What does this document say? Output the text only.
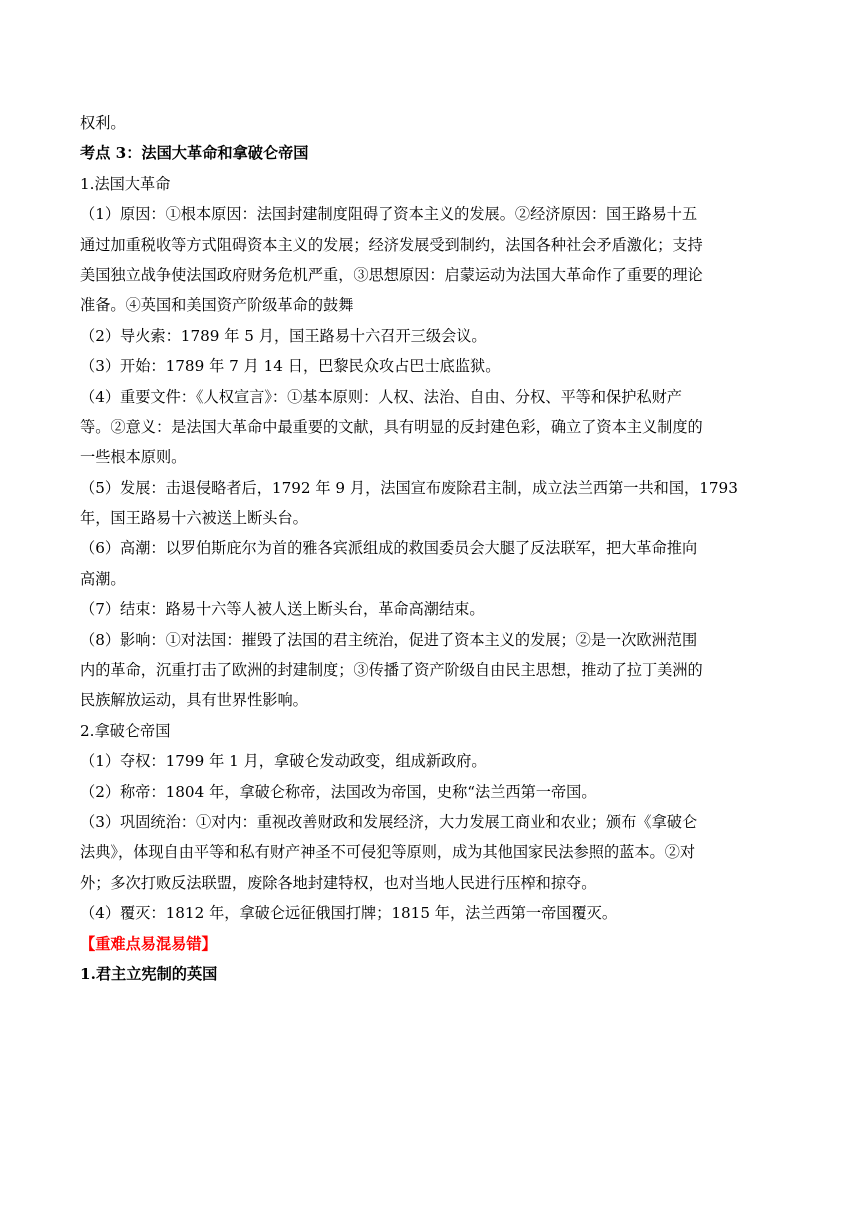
权利。
考点 3：法国大革命和拿破仑帝国
1.法国大革命
（1）原因：①根本原因：法国封建制度阻碍了资本主义的发展。②经济原因：国王路易十五
通过加重税收等方式阻碍资本主义的发展；经济发展受到制约，法国各种社会矛盾激化；支持
美国独立战争使法国政府财务危机严重，③思想原因：启蒙运动为法国大革命作了重要的理论
准备。④英国和美国资产阶级革命的鼓舞
（2）导火索：1789 年 5 月，国王路易十六召开三级会议。
（3）开始：1789 年 7 月 14 日，巴黎民众攻占巴士底监狱。
（4）重要文件：《人权宣言》：①基本原则：人权、法治、自由、分权、平等和保护私财产
等。②意义：是法国大革命中最重要的文献，具有明显的反封建色彩，确立了资本主义制度的
一些根本原则。
（5）发展：击退侵略者后，1792 年 9 月，法国宣布废除君主制，成立法兰西第一共和国，1793
年，国王路易十六被送上断头台。
（6）高潮：以罗伯斯庇尔为首的雅各宾派组成的救国委员会大腿了反法联军，把大革命推向
高潮。
（7）结束：路易十六等人被人送上断头台，革命高潮结束。
（8）影响：①对法国：摧毁了法国的君主统治，促进了资本主义的发展；②是一次欧洲范围
内的革命，沉重打击了欧洲的封建制度；③传播了资产阶级自由民主思想，推动了拉丁美洲的
民族解放运动，具有世界性影响。
2.拿破仑帝国
（1）夺权：1799 年 1 月，拿破仑发动政变，组成新政府。
（2）称帝：1804 年，拿破仑称帝，法国改为帝国，史称“法兰西第一帝国。
（3）巩固统治：①对内：重视改善财政和发展经济，大力发展工商业和农业；颁布《拿破仑
法典》，体现自由平等和私有财产神圣不可侵犯等原则，成为其他国家民法参照的蓝本。②对
外；多次打败反法联盟，废除各地封建特权，也对当地人民进行压榨和掠夺。
（4）覆灭：1812 年，拿破仑远征俄国打牌；1815 年，法兰西第一帝国覆灭。
【重难点易混易错】
1.君主立宪制的英国
